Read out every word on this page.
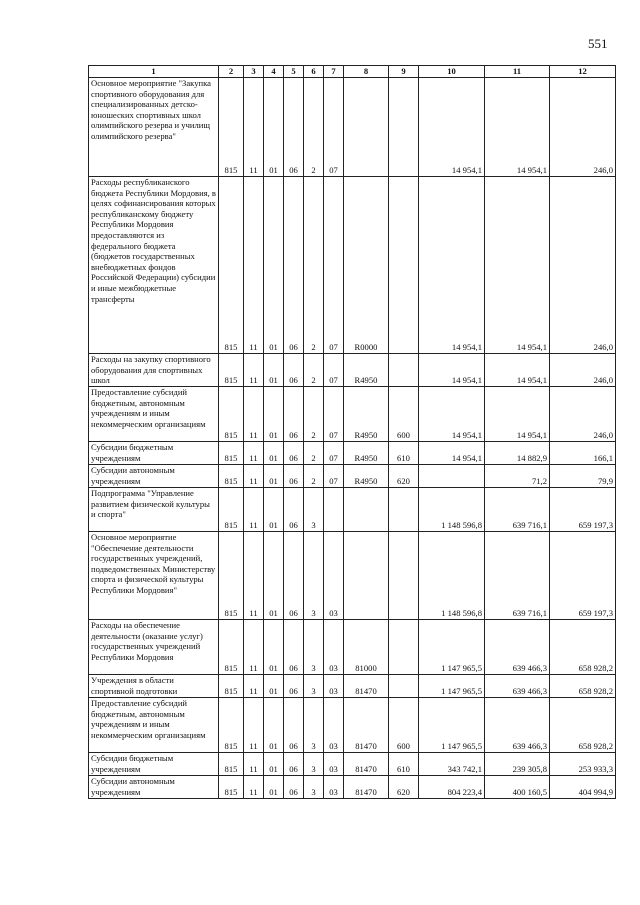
551
1	2	3	4	5	6	7	8	9	10	11	12
Основное мероприятие "Закупка спортивного оборудования для специализированных детско-юношеских спортивных школ олимпийского резерва и училищ олимпийского резерва"	815	11	01	06	2	07			14 954,1	14 954,1	246,0
Расходы республиканского бюджета Республики Мордовия, в целях софинансирования которых республиканскому бюджету Республики Мордовия предоставляются из федерального бюджета (бюджетов государственных внебюджетных фондов Российской Федерации) субсидии и иные межбюджетные трансферты	815	11	01	06	2	07	R0000		14 954,1	14 954,1	246,0
Расходы на закупку спортивного оборудования для спортивных школ	815	11	01	06	2	07	R4950		14 954,1	14 954,1	246,0
Предоставление субсидий бюджетным, автономным учреждениям и иным некоммерческим организациям	815	11	01	06	2	07	R4950	600	14 954,1	14 954,1	246,0
Субсидии бюджетным учреждениям	815	11	01	06	2	07	R4950	610	14 954,1	14 882,9	166,1
Субсидии автономным учреждениям	815	11	01	06	2	07	R4950	620		71,2	79,9
Подпрограмма "Управление развитием физической культуры и спорта"	815	11	01	06	3				1 148 596,8	639 716,1	659 197,3
Основное мероприятие "Обеспечение деятельности государственных учреждений, подведомственных Министерству спорта и физической культуры Республики Мордовия"	815	11	01	06	3	03			1 148 596,8	639 716,1	659 197,3
Расходы на обеспечение деятельности (оказание услуг) государственных учреждений Республики Мордовия	815	11	01	06	3	03	81000		1 147 965,5	639 466,3	658 928,2
Учреждения в области спортивной подготовки	815	11	01	06	3	03	81470		1 147 965,5	639 466,3	658 928,2
Предоставление субсидий бюджетным, автономным учреждениям и иным некоммерческим организациям	815	11	01	06	3	03	81470	600	1 147 965,5	639 466,3	658 928,2
Субсидии бюджетным учреждениям	815	11	01	06	3	03	81470	610	343 742,1	239 305,8	253 933,3
Субсидии автономным учреждениям	815	11	01	06	3	03	81470	620	804 223,4	400 160,5	404 994,9
